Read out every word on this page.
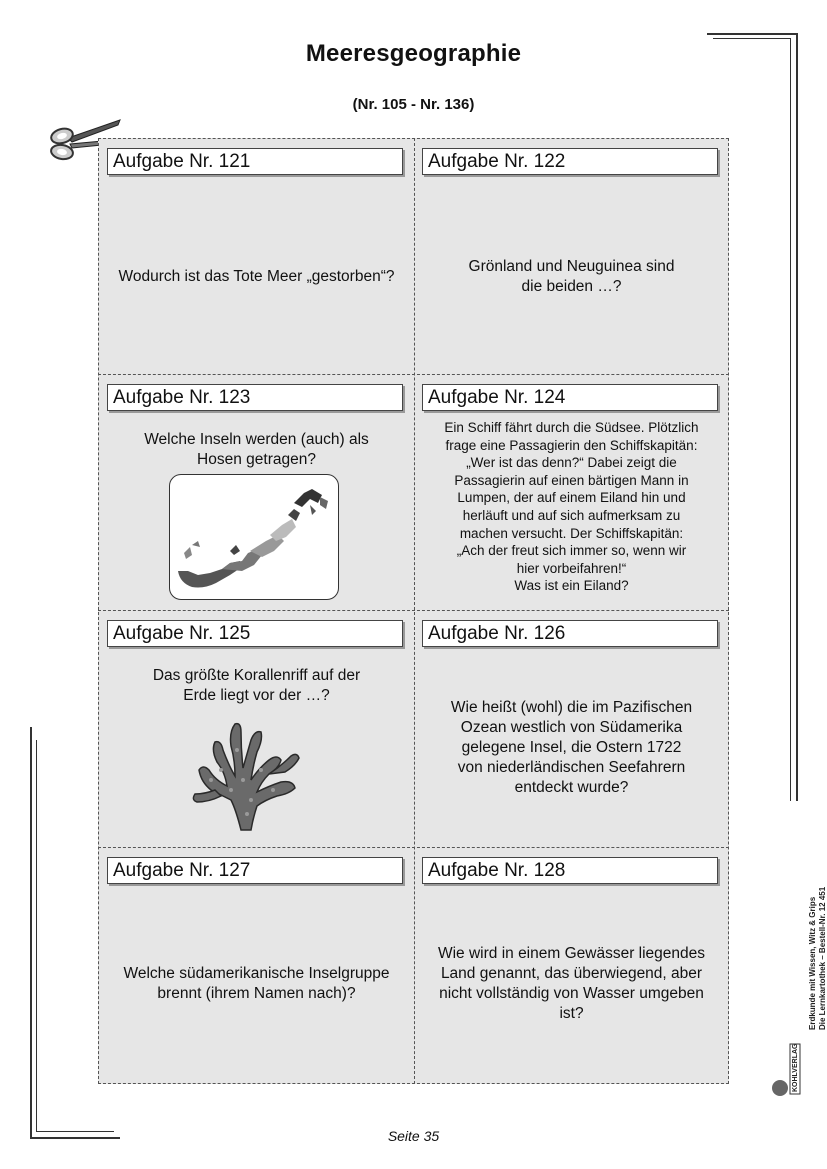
Meeresgeographie
(Nr. 105 - Nr. 136)
Aufgabe Nr. 121
Wodurch ist das Tote Meer „gestorben“?
Aufgabe Nr. 122
Grönland und Neuguinea sind
die beiden …?
Aufgabe Nr. 123
Welche Inseln werden (auch) als
Hosen getragen?
Aufgabe Nr. 124
Ein Schiff fährt durch die Südsee. Plötzlich
frage eine Passagierin den Schiffskapitän:
„Wer ist das denn?“ Dabei zeigt die
Passagierin auf einen bärtigen Mann in
Lumpen, der auf einem Eiland hin und
herläuft und auf sich aufmerksam zu
machen versucht. Der Schiffskapitän:
„Ach der freut sich immer so, wenn wir
hier vorbeifahren!“
Was ist ein Eiland?
Aufgabe Nr. 125
Das größte Korallenriff auf der
Erde liegt vor der …?
Aufgabe Nr. 126
Wie heißt (wohl) die im Pazifischen
Ozean westlich von Südamerika
gelegene Insel, die Ostern 1722
von niederländischen Seefahrern
entdeckt wurde?
Aufgabe Nr. 127
Welche südamerikanische Inselgruppe
brennt (ihrem Namen nach)?
Aufgabe Nr. 128
Wie wird in einem Gewässer liegendes
Land genannt, das überwiegend, aber
nicht vollständig von Wasser umgeben
ist?	Erdkunde mit Wissen, Witz & Grips Die Lernkartothek – Bestell-Nr. 12 451
KOHLVERLAG
Seite 35
